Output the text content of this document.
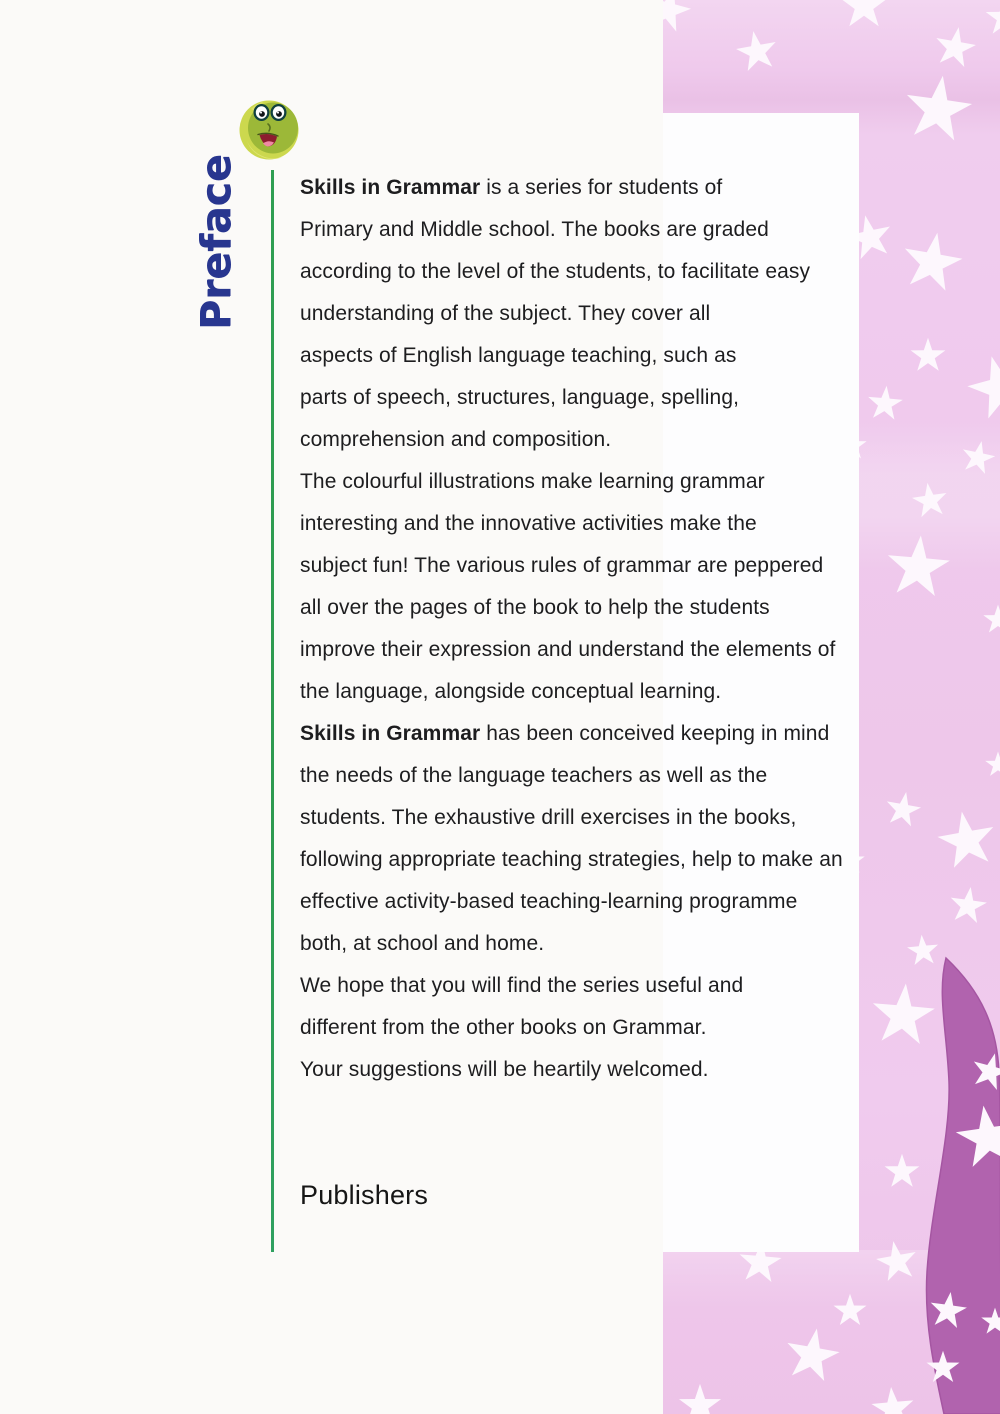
Preface	Skills in Grammar is a series for students of
Primary and Middle school. The books are graded
according to the level of the students, to facilitate easy
understanding of the subject. They cover all
aspects of English language teaching, such as
parts of speech, structures, language, spelling,
comprehension and composition.
The colourful illustrations make learning grammar
interesting and the innovative activities make the
subject fun! The various rules of grammar are peppered
all over the pages of the book to help the students
improve their expression and understand the elements of
the language, alongside conceptual learning.
Skills in Grammar has been conceived keeping in mind
the needs of the language teachers as well as the
students. The exhaustive drill exercises in the books,
following appropriate teaching strategies, help to make an
effective activity-based teaching-learning programme
both, at school and home.
We hope that you will find the series useful and
different from the other books on Grammar.
Your suggestions will be heartily welcomed.
Publishers
